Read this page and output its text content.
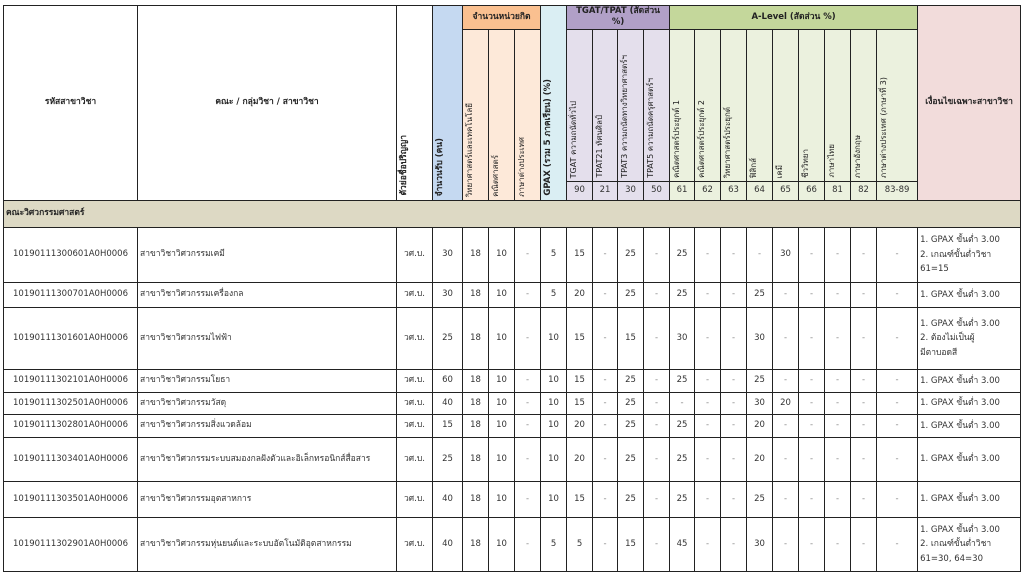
รหัสสาขาวิชา	คณะ / กลุ่มวิชา / สาขาวิชา	ตัวย่อชื่อปริญญา	จำนวนรับ (คน)	จำนวนหน่วยกิต			GPAX (รวม 5 ภาคเรียน) (%)	TGAT/TPAT (สัดส่วน %)				A-Level (สัดส่วน %)									เงื่อนไขเฉพาะสาขาวิชา

				วิทยาศาสตร์และเทคโนโลยี	คณิตศาสตร์	ภาษาต่างประเทศ		TGAT ความถนัดทั่วไป	TPAT21 ทัศนศิลป์	TPAT3 ความถนัดทางวิทยาศาสตร์ฯ	TPAT5 ความถนัดครุศาสตร์ฯ	คณิตศาสตร์ประยุกต์ 1	คณิตศาสตร์ประยุกต์ 2	วิทยาศาสตร์ประยุกต์	ฟิสิกส์	เคมี	ชีววิทยา	ภาษาไทย	ภาษาอังกฤษ	ภาษาต่างประเทศ (ภาษาที่ 3)	

								90	21	30	50	61	62	63	64	65	66	81	82	83-89	
คณะวิศวกรรมศาสตร์																					
10190111300601A0H0006	สาขาวิชาวิศวกรรมเคมี	วศ.บ.	30	18	10	-	5	15	-	25	-	25	-	-	-	30	-	-	-	-	1. GPAX ขั้นต่ำ 3.00
2. เกณฑ์ขั้นต่ำวิชา
61=15

10190111300701A0H0006	สาขาวิชาวิศวกรรมเครื่องกล	วศ.บ.	30	18	10	-	5	20	-	25	-	25	-	-	25	-	-	-	-	-	1. GPAX ขั้นต่ำ 3.00

10190111301601A0H0006	สาขาวิชาวิศวกรรมไฟฟ้า	วศ.บ.	25	18	10	-	10	15	-	15	-	30	-	-	30	-	-	-	-	-	1. GPAX ขั้นต่ำ 3.00
2. ต้องไม่เป็นผู้
มีตาบอดสี

10190111302101A0H0006	สาขาวิชาวิศวกรรมโยธา	วศ.บ.	60	18	10	-	10	15	-	25	-	25	-	-	25	-	-	-	-	-	1. GPAX ขั้นต่ำ 3.00

10190111302501A0H0006	สาขาวิชาวิศวกรรมวัสดุ	วศ.บ.	40	18	10	-	10	15	-	25	-	-	-	-	30	20	-	-	-	-	1. GPAX ขั้นต่ำ 3.00

10190111302801A0H0006	สาขาวิชาวิศวกรรมสิ่งแวดล้อม	วศ.บ.	15	18	10	-	10	20	-	25	-	25	-	-	20	-	-	-	-	-	1. GPAX ขั้นต่ำ 3.00

10190111303401A0H0006	สาขาวิชาวิศวกรรมระบบสมองกลฝังตัวและอิเล็กทรอนิกส์สื่อสาร	วศ.บ.	25	18	10	-	10	20	-	25	-	25	-	-	20	-	-	-	-	-	1. GPAX ขั้นต่ำ 3.00

10190111303501A0H0006	สาขาวิชาวิศวกรรมอุตสาหการ	วศ.บ.	40	18	10	-	10	15	-	25	-	25	-	-	25	-	-	-	-	-	1. GPAX ขั้นต่ำ 3.00

10190111302901A0H0006	สาขาวิชาวิศวกรรมหุ่นยนต์และระบบอัตโนมัติอุตสาหกรรม	วศ.บ.	40	18	10	-	5	5	-	15	-	45	-	-	30	-	-	-	-	-	1. GPAX ขั้นต่ำ 3.00
2. เกณฑ์ขั้นต่ำวิชา
61=30, 64=30
